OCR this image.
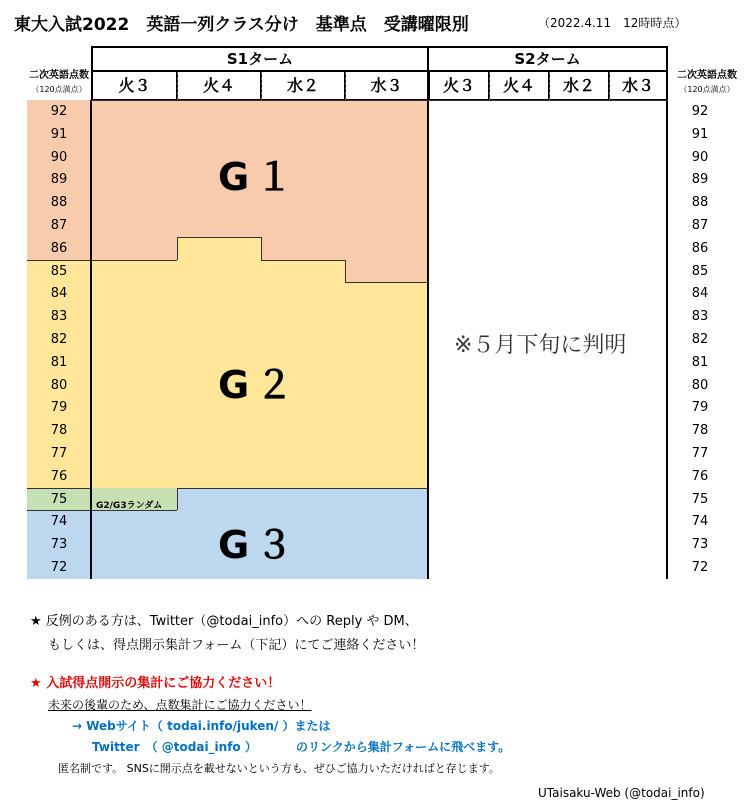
東大入試2022　英語一列クラス分け　基準点　受講曜限別	（2022.4.11　12時時点）
二次英語点数
（120点満点）
二次英語点数
（120点満点）
S1ターム	S2ターム
火３	火４	水２	水３	火３	火４	水２	水３
92	92
91	91
90	90
89	89
88	88
87	87
86	86
85	85
84	84
83	83
82	82
81	81
80	80
79	79
78	78
77	77
76	76
75	75
74	74
73	73
72	72
G１
G２
G３
G2/G3ランダム
※５月下旬に判明
★ 反例のある方は、Twitter（@todai_info）への Reply や DM、
もしくは、得点開示集計フォーム（下記）にてご連絡ください！
★ 入試得点開示の集計にご協力ください！
未来の後輩のため、点数集計にご協力ください！
→ Webサイト（ todai.info/juken/ ）または
Twitter　（ @todai_info ）	のリンクから集計フォームに飛べます。
匿名制です。 SNSに開示点を載せないという方も、ぜひご協力いただければと存じます。
UTaisaku-Web (@todai_info)
